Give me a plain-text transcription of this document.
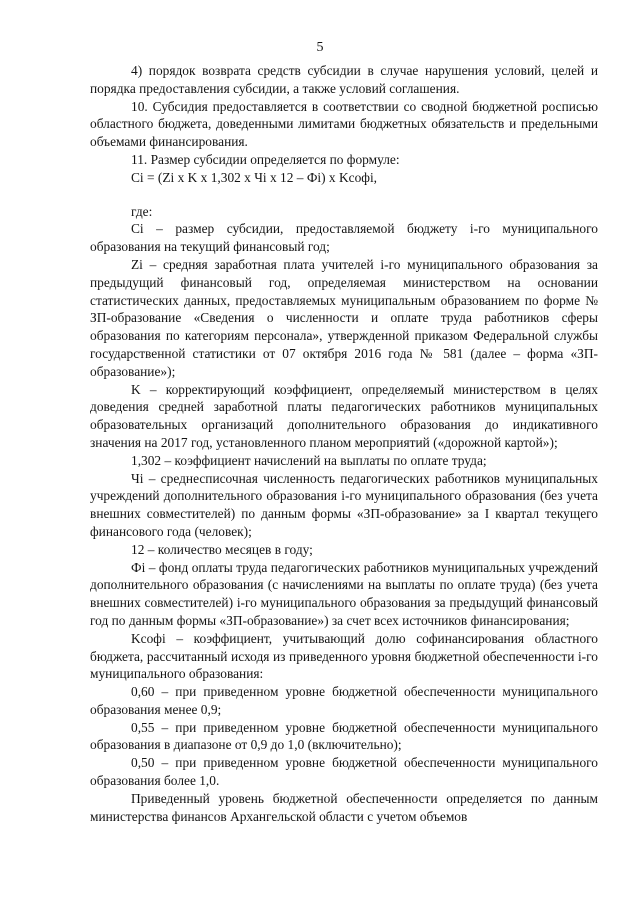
5

4) порядок возврата средств субсидии в случае нарушения условий, целей и порядка предоставления субсидии, а также условий соглашения.

10. Субсидия предоставляется в соответствии со сводной бюджетной росписью областного бюджета, доведенными лимитами бюджетных обязательств и предельными объемами финансирования.

11. Размер субсидии определяется по формуле:

Ci = (Zi х K х 1,302 х Чi х 12 – Фi) х Kсофi,

где:

Ci – размер субсидии, предоставляемой бюджету i-го муниципального образования на текущий финансовый год;

Zi – средняя заработная плата учителей i-го муниципального образования за предыдущий финансовый год, определяемая министерством на основании статистических данных, предоставляемых муниципальным образованием по форме № ЗП-образование «Сведения о численности и оплате труда работников сферы образования по категориям персонала», утвержденной приказом Федеральной службы государственной статистики от 07 октября 2016 года № 581 (далее – форма «ЗП-образование»);

K – корректирующий коэффициент, определяемый министерством в целях доведения средней заработной платы педагогических работников муниципальных образовательных организаций дополнительного образования до индикативного значения на 2017 год, установленного планом мероприятий («дорожной картой»);

1,302 – коэффициент начислений на выплаты по оплате труда;

Чi – среднесписочная численность педагогических работников муниципальных учреждений дополнительного образования i-го муниципального образования (без учета внешних совместителей) по данным формы «ЗП-образование» за I квартал текущего финансового года (человек);

12 – количество месяцев в году;

Фi – фонд оплаты труда педагогических работников муниципальных учреждений дополнительного образования (с начислениями на выплаты по оплате труда) (без учета внешних совместителей) i-го муниципального образования за предыдущий финансовый год по данным формы «ЗП-образование») за счет всех источников финансирования;

Kсофi – коэффициент, учитывающий долю софинансирования областного бюджета, рассчитанный исходя из приведенного уровня бюджетной обеспеченности i-го муниципального образования:

0,60 – при приведенном уровне бюджетной обеспеченности муниципального образования менее 0,9;

0,55 – при приведенном уровне бюджетной обеспеченности муниципального образования в диапазоне от 0,9 до 1,0 (включительно);

0,50 – при приведенном уровне бюджетной обеспеченности муниципального образования более 1,0.

Приведенный уровень бюджетной обеспеченности определяется по данным министерства финансов Архангельской области с учетом объемов
